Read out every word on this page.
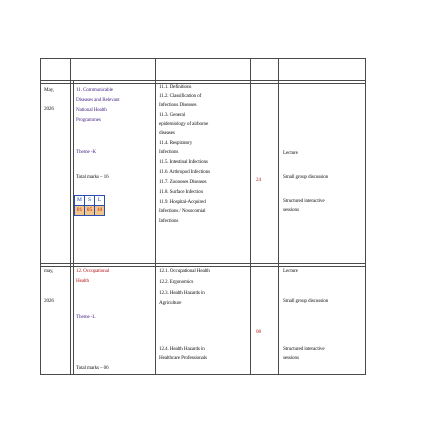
May,
2026
11. Communicable
Diseases and Relevant
National Health
Programmes
Theme -K
Total marks – 16
M	S	L
01 05 10
11.1. Definitions
11.2. Classification of
Infectious Diseases
11.3. General
epidemiology of airborne
diseases
11.4. Respiratory
Infections
11.5. Intestinal Infections
11.6. Arthropod Infections
11.7. Zoonoses Diseases
11.8. Surface Infection
11.9. Hospital-Acquired
Infections / Nosocomial
Infections
24
Lecture
Small group discussion
Structured interactive
sessions
may,
2026
12. Occupational
Health
Theme -L
Total marks – 06
12.1. Occupational Health
12.2. Ergonomics
12.3. Health Hazards in
Agriculture
12.4. Health Hazards in
Healthcare Professionals
08
Lecture
Small group discussion
Structured interactive
sessions
